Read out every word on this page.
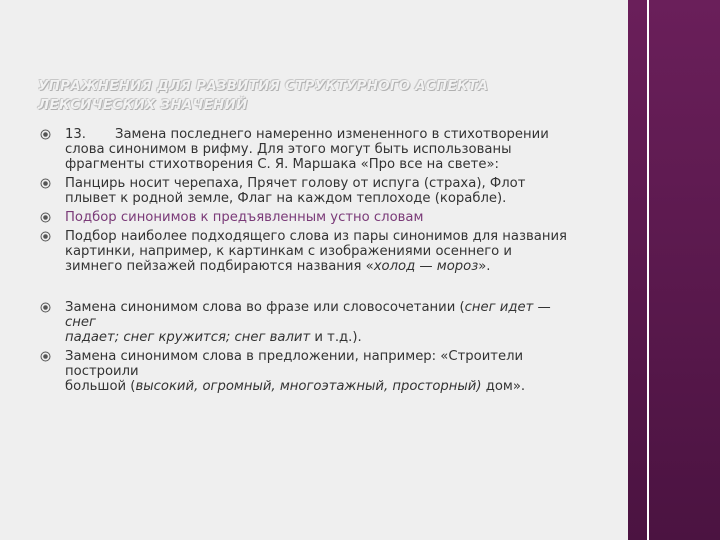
УПРАЖНЕНИЯ ДЛЯ РАЗВИТИЯ СТРУКТУРНОГО АСПЕКТА ЛЕКСИЧЕСКИХ ЗНАЧЕНИЙ
13. Замена последнего намеренно измененного в стихотворении
слова синонимом в рифму. Для этого могут быть использованы
фрагменты стихотворения С. Я. Маршака «Про все на свете»:
Панцирь носит черепаха, Прячет голову от испуга (страха), Флот
плывет к родной земле, Флаг на каждом теплоходе (корабле).
Подбор синонимов к предъявленным устно словам
Подбор наиболее подходящего слова из пары синонимов для названия
картинки, например, к картинкам с изображениями осеннего и
зимнего пейзажей подбираются названия «холод — мороз».
Замена синонимом слова во фразе или словосочетании (снег идет —
снег
падает; снег кружится; снег валит и т.д.).
Замена синонимом слова в предложении, например: «Строители
построили
большой (высокий, огромный, многоэтажный, просторный) дом».
